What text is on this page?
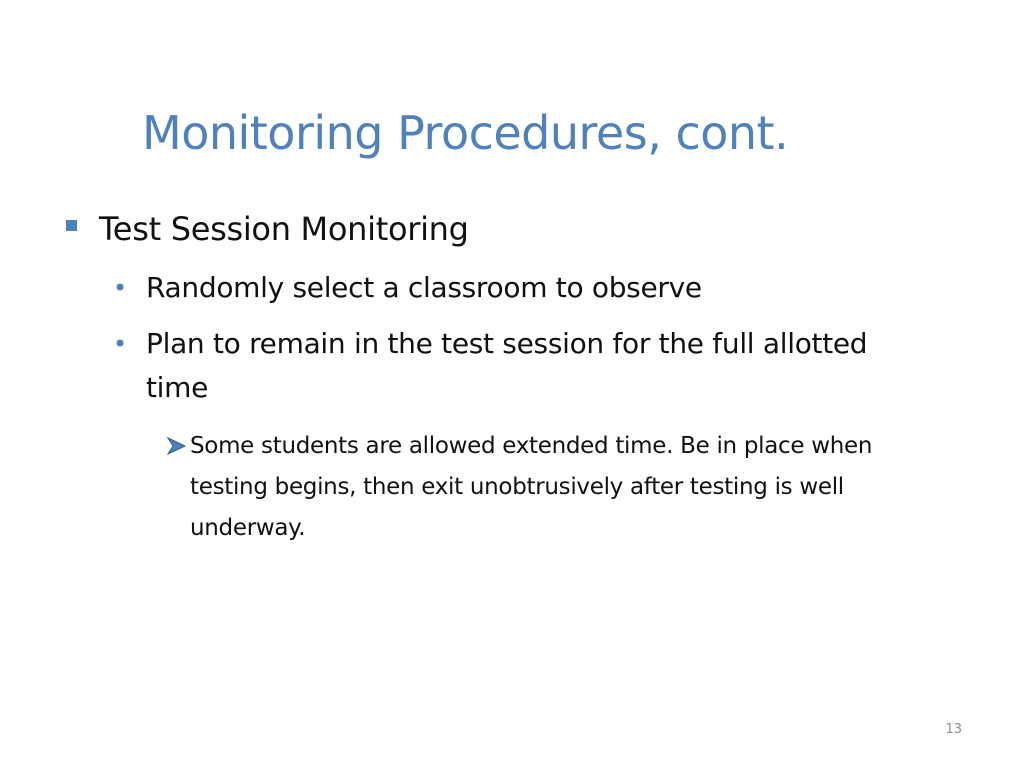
Monitoring Procedures, cont.
Test Session Monitoring
• Randomly select a classroom to observe
• Plan to remain in the test session for the full allotted time
Some students are allowed extended time. Be in place when testing begins, then exit unobtrusively after testing is well underway.
13
